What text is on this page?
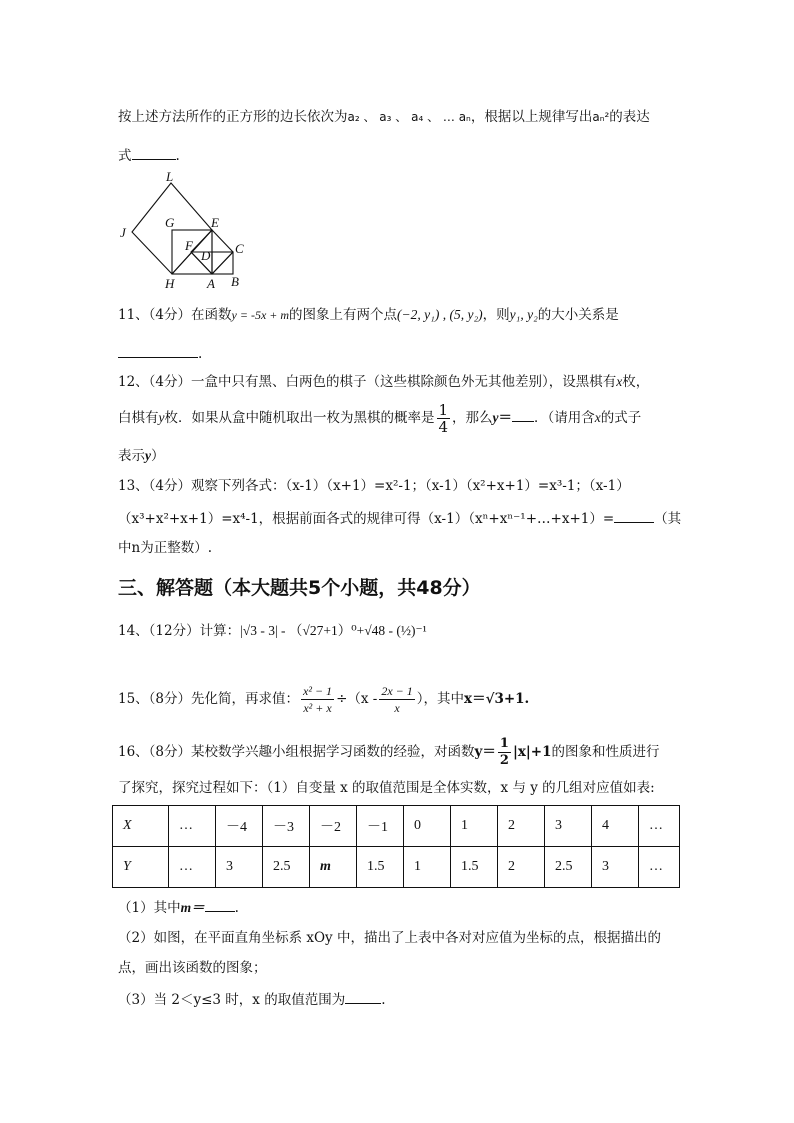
按上述方法所作的正方形的边长依次为a₂ 、 a₃ 、 a₄ 、 … aₙ，根据以上规律写出aₙ²的表达
式	.
L
J
G	E
F	C
D
H	A B
11、（4分）在函数y = -5x + m的图象上有两个点(−2, y₁) , (5, y₂)，则y₁, y₂的大小关系是
.
12、（4分）一盒中只有黑、白两色的棋子（这些棋除颜色外无其他差别），设黑棋有x枚，
白棋有y枚．如果从盒中随机取出一枚为黑棋的概率是 $\frac{1}{4}$ ，那么y＝ ．（请用含x的式子
表示y）
13、（4分）观察下列各式：（x-1）（x+1）=x²-1；（x-1）（x²+x+1）=x³-1；（x-1）
（x³+x²+x+1）=x⁴-1，根据前面各式的规律可得（x-1）（xⁿ+xⁿ⁻¹+…+x+1）=	（其
中n为正整数）.
三、解答题（本大题共5个小题，共48分）
14、（12分）计算：|√3 - 3| - （√27+1）⁰+√48 - (½)⁻¹
15、（8分）先化简，再求值： $\frac{\text{x² − 1}}{\text{x² + x}} \div(x - \frac{2x - 1}{x}$ ），其中x＝√3+1.
16、（8分）某校数学兴趣小组根据学习函数的经验，对函数$y= \frac{1}{2} |x|+1$的图象和性质进行
了探究，探究过程如下：（1）自变量 x 的取值范围是全体实数，x 与 y 的几组对应值如表:
X	…	－4	－3	－2	－1	0	1	2	3	4	…
Y	…	3	2.5	m	1.5	1	1.5	2	2.5	3	…
（1）其中m＝ .
（2）如图，在平面直角坐标系 xOy 中，描出了上表中各对对应值为坐标的点，根据描出的
点，画出该函数的图象；
（3）当 2＜y≤3 时，x 的取值范围为	.
